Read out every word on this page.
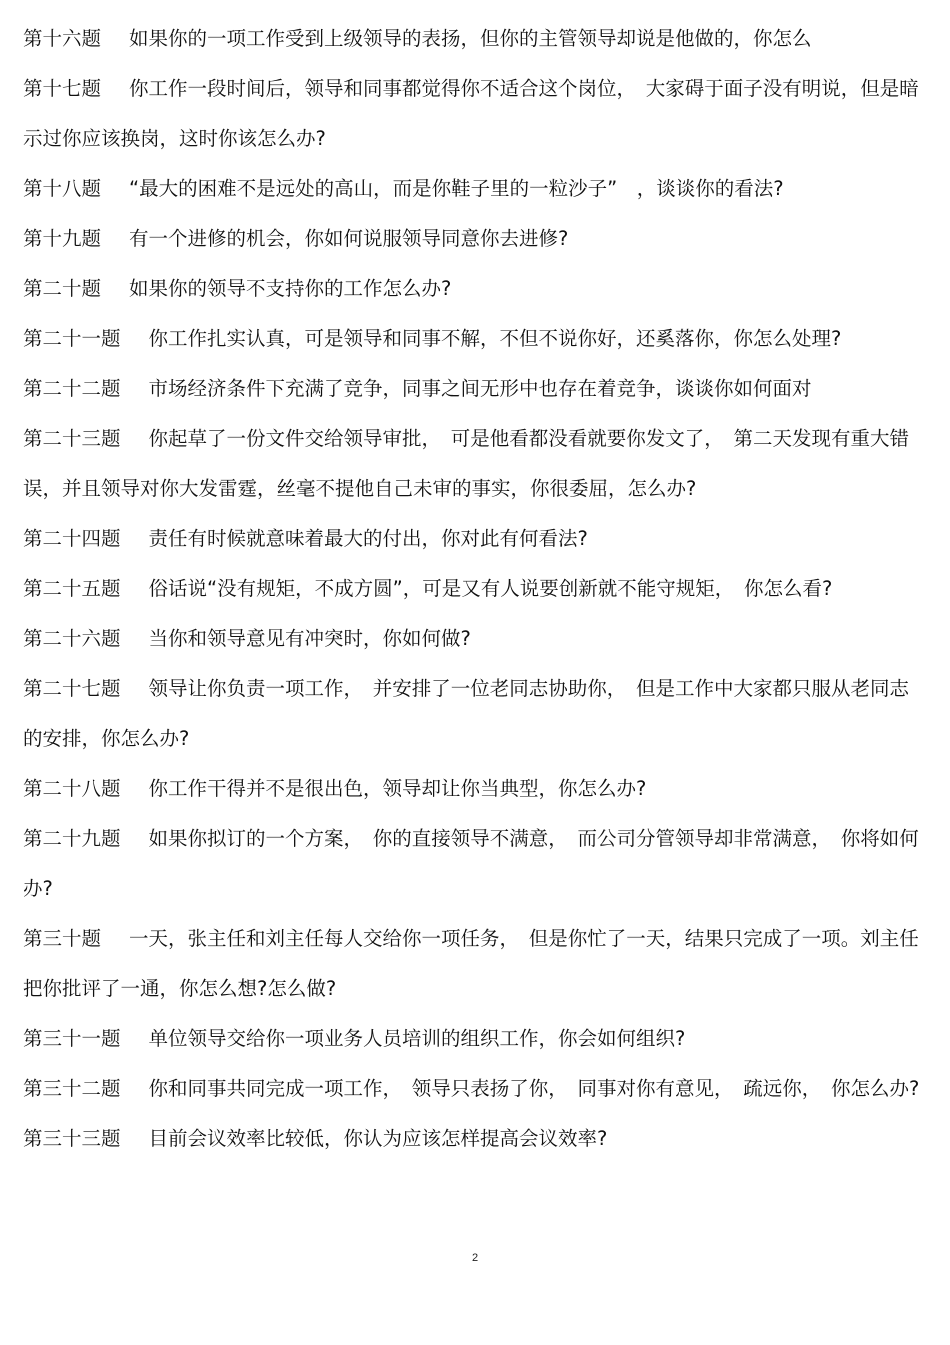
第十六题 如果你的一项工作受到上级领导的表扬，但你的主管领导却说是他做的，你怎么

第十七题 你工作一段时间后，领导和同事都觉得你不适合这个岗位，　大家碍于面子没有明说，但是暗示过你应该换岗，这时你该怎么办?

第十八题 “最大的困难不是远处的高山，而是你鞋子里的一粒沙子”　，谈谈你的看法?

第十九题 有一个进修的机会，你如何说服领导同意你去进修?

第二十题 如果你的领导不支持你的工作怎么办?

第二十一题 你工作扎实认真，可是领导和同事不解，不但不说你好，还奚落你，你怎么处理?

第二十二题 市场经济条件下充满了竞争，同事之间无形中也存在着竞争，谈谈你如何面对

第二十三题 你起草了一份文件交给领导审批，　可是他看都没看就要你发文了，　第二天发现有重大错误，并且领导对你大发雷霆，丝毫不提他自己未审的事实，你很委屈，怎么办?

第二十四题 责任有时候就意味着最大的付出，你对此有何看法?

第二十五题 俗话说“没有规矩，不成方圆”，可是又有人说要创新就不能守规矩，　你怎么看?

第二十六题 当你和领导意见有冲突时，你如何做?

第二十七题 领导让你负责一项工作，　并安排了一位老同志协助你，　但是工作中大家都只服从老同志的安排，你怎么办?

第二十八题 你工作干得并不是很出色，领导却让你当典型，你怎么办?

第二十九题 如果你拟订的一个方案，　你的直接领导不满意，　而公司分管领导却非常满意，　你将如何办?

第三十题 一天，张主任和刘主任每人交给你一项任务，　但是你忙了一天，结果只完成了一项。刘主任把你批评了一通，你怎么想?怎么做?

第三十一题 单位领导交给你一项业务人员培训的组织工作，你会如何组织?

第三十二题 你和同事共同完成一项工作，　领导只表扬了你，　同事对你有意见，　疏远你，　你怎么办?

第三十三题 目前会议效率比较低，你认为应该怎样提高会议效率?

2
